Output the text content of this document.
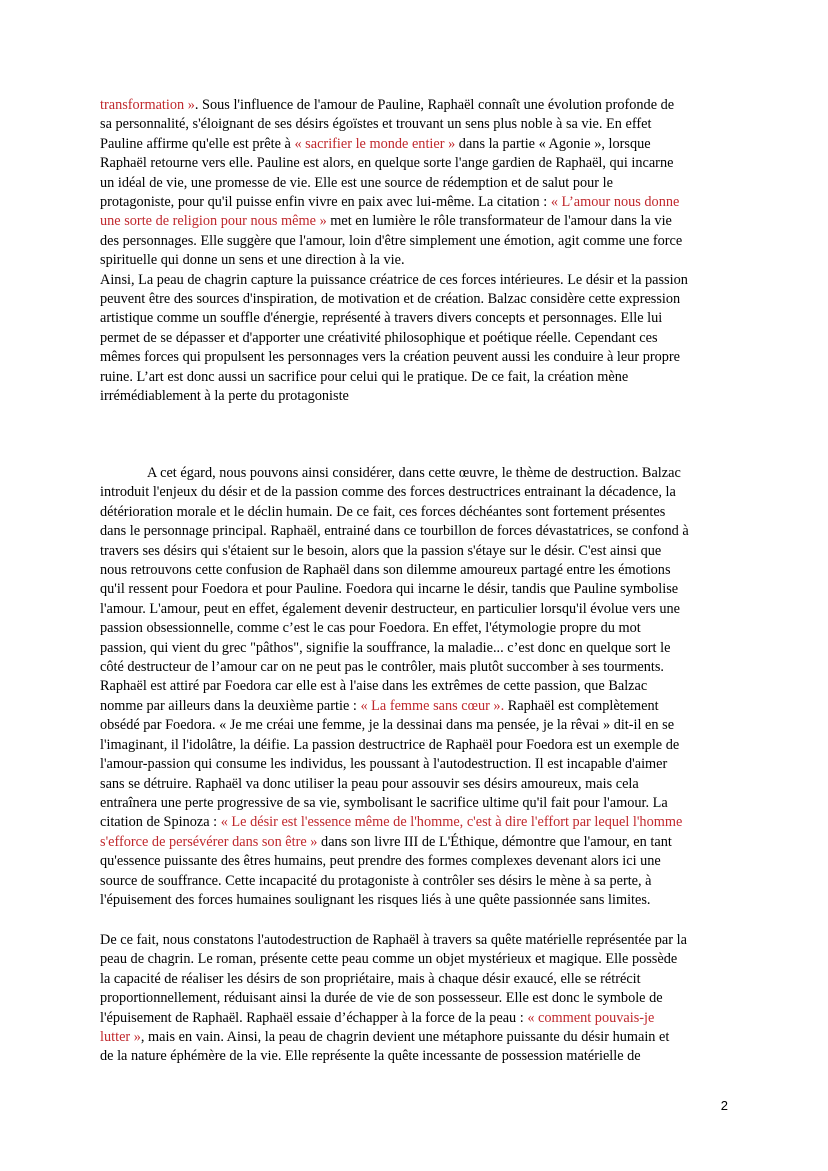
transformation ». Sous l'influence de l'amour de Pauline, Raphaël connaît une évolution profonde de
sa personnalité, s'éloignant de ses désirs égoïstes et trouvant un sens plus noble à sa vie. En effet
Pauline affirme qu'elle est prête à « sacrifier le monde entier » dans la partie « Agonie », lorsque
Raphaël retourne vers elle. Pauline est alors, en quelque sorte l'ange gardien de Raphaël, qui incarne
un idéal de vie, une promesse de vie. Elle est une source de rédemption et de salut pour le
protagoniste, pour qu'il puisse enfin vivre en paix avec lui-même. La citation : « L’amour nous donne
une sorte de religion pour nous même » met en lumière le rôle transformateur de l'amour dans la vie
des personnages. Elle suggère que l'amour, loin d'être simplement une émotion, agit comme une force
spirituelle qui donne un sens et une direction à la vie.
Ainsi, La peau de chagrin capture la puissance créatrice de ces forces intérieures. Le désir et la passion
peuvent être des sources d'inspiration, de motivation et de création. Balzac considère cette expression
artistique comme un souffle d'énergie, représenté à travers divers concepts et personnages. Elle lui
permet de se dépasser et d'apporter une créativité philosophique et poétique réelle. Cependant ces
mêmes forces qui propulsent les personnages vers la création peuvent aussi les conduire à leur propre
ruine. L’art est donc aussi un sacrifice pour celui qui le pratique. De ce fait, la création mène
irrémédiablement à la perte du protagoniste
A cet égard, nous pouvons ainsi considérer, dans cette œuvre, le thème de destruction. Balzac
introduit l'enjeux du désir et de la passion comme des forces destructrices entrainant la décadence, la
détérioration morale et le déclin humain. De ce fait, ces forces déchéantes sont fortement présentes
dans le personnage principal. Raphaël, entrainé dans ce tourbillon de forces dévastatrices, se confond à
travers ses désirs qui s'étaient sur le besoin, alors que la passion s'étaye sur le désir. C'est ainsi que
nous retrouvons cette confusion de Raphaël dans son dilemme amoureux partagé entre les émotions
qu'il ressent pour Foedora et pour Pauline. Foedora qui incarne le désir, tandis que Pauline symbolise
l'amour. L'amour, peut en effet, également devenir destructeur, en particulier lorsqu'il évolue vers une
passion obsessionnelle, comme c’est le cas pour Foedora. En effet, l'étymologie propre du mot
passion, qui vient du grec "pâthos", signifie la souffrance, la maladie... c’est donc en quelque sort le
côté destructeur de l’amour car on ne peut pas le contrôler, mais plutôt succomber à ses tourments.
Raphaël est attiré par Foedora car elle est à l'aise dans les extrêmes de cette passion, que Balzac
nomme par ailleurs dans la deuxième partie : « La femme sans cœur ». Raphaël est complètement
obsédé par Foedora. « Je me créai une femme, je la dessinai dans ma pensée, je la rêvai » dit-il en se
l'imaginant, il l'idolâtre, la déifie. La passion destructrice de Raphaël pour Foedora est un exemple de
l'amour-passion qui consume les individus, les poussant à l'autodestruction. Il est incapable d'aimer
sans se détruire. Raphaël va donc utiliser la peau pour assouvir ses désirs amoureux, mais cela
entraînera une perte progressive de sa vie, symbolisant le sacrifice ultime qu'il fait pour l'amour. La
citation de Spinoza : « Le désir est l'essence même de l'homme, c'est à dire l'effort par lequel l'homme
s'efforce de persévérer dans son être » dans son livre III de L'Éthique, démontre que l'amour, en tant
qu'essence puissante des êtres humains, peut prendre des formes complexes devenant alors ici une
source de souffrance. Cette incapacité du protagoniste à contrôler ses désirs le mène à sa perte, à
l'épuisement des forces humaines soulignant les risques liés à une quête passionnée sans limites.
De ce fait, nous constatons l'autodestruction de Raphaël à travers sa quête matérielle représentée par la
peau de chagrin. Le roman, présente cette peau comme un objet mystérieux et magique. Elle possède
la capacité de réaliser les désirs de son propriétaire, mais à chaque désir exaucé, elle se rétrécit
proportionnellement, réduisant ainsi la durée de vie de son possesseur. Elle est donc le symbole de
l'épuisement de Raphaël. Raphaël essaie d’échapper à la force de la peau : « comment pouvais-je
lutter », mais en vain. Ainsi, la peau de chagrin devient une métaphore puissante du désir humain et
de la nature éphémère de la vie. Elle représente la quête incessante de possession matérielle de
2
